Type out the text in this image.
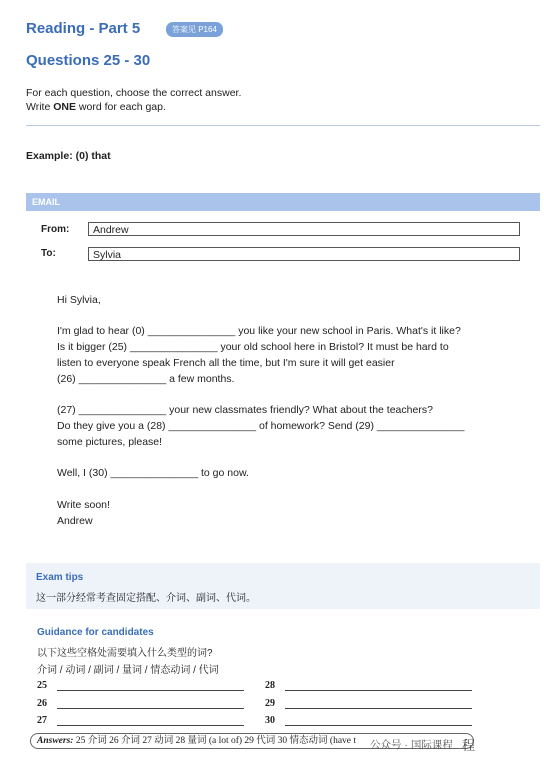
Reading - Part 5	答案见 P164
Questions 25 - 30
For each question, choose the correct answer.
Write ONE word for each gap.
Example: (0) that
EMAIL
From:	Andrew
To:	Sylvia
Hi Sylvia,
I'm glad to hear (0) _______________ you like your new school in Paris. What's it like?
Is it bigger (25) _______________ your old school here in Bristol? It must be hard to
listen to everyone speak French all the time, but I'm sure it will get easier
(26) _______________ a few months.
(27) _______________ your new classmates friendly? What about the teachers?
Do they give you a (28) _______________ of homework? Send (29) _______________
some pictures, please!
Well, I (30) _______________ to go now.
Write soon!
Andrew
Exam tips
这一部分经常考查固定搭配、介词、副词、代词。
Guidance for candidates
以下这些空格处需要填入什么类型的词?
介词 / 动词 / 副词 / 量词 / 情态动词 / 代词
25
26
27
28
29
30
Answers: 25 介词 26 介词 27 动词 28 量词 (a lot of) 29 代词 30 情态动词 (have t	公众号 · 国际课程 程
